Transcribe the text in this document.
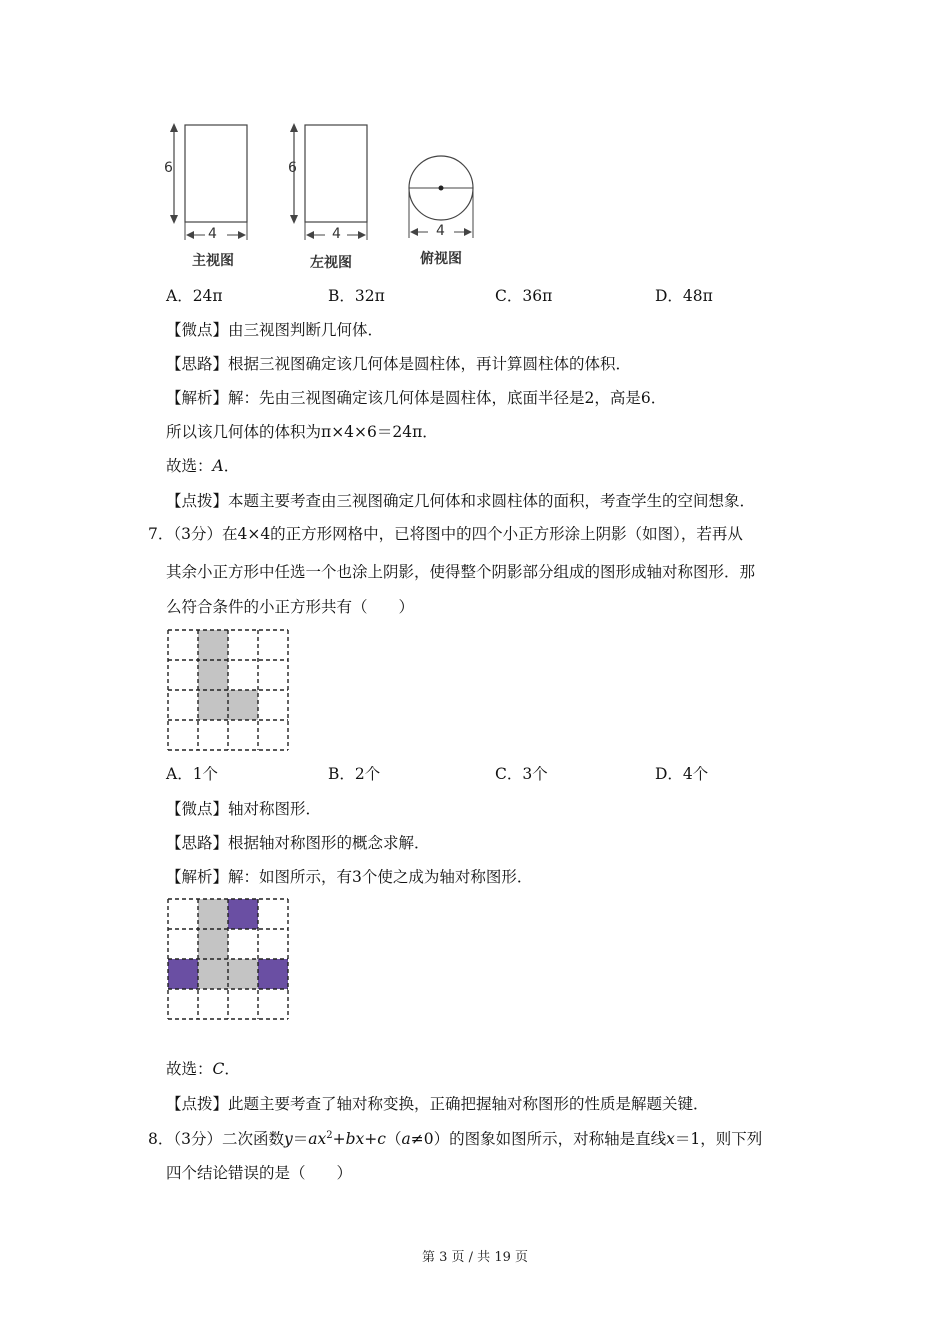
6
4
主视图
6
4
左视图
4
俯视图
A．24π	B．32π	C．36π	D．48π
【微点】由三视图判断几何体．
【思路】根据三视图确定该几何体是圆柱体，再计算圆柱体的体积．
【解析】解：先由三视图确定该几何体是圆柱体，底面半径是2，高是6．
所以该几何体的体积为π×4×6＝24π．
故选：A．
【点拨】本题主要考查由三视图确定几何体和求圆柱体的面积，考查学生的空间想象．
7．（3分）在4×4的正方形网格中，已将图中的四个小正方形涂上阴影（如图），若再从
其余小正方形中任选一个也涂上阴影，使得整个阴影部分组成的图形成轴对称图形．那
么符合条件的小正方形共有（　　）
A．1个	B．2个	C．3个	D．4个
【微点】轴对称图形．
【思路】根据轴对称图形的概念求解．
【解析】解：如图所示，有3个使之成为轴对称图形．
故选：C．
【点拨】此题主要考查了轴对称变换，正确把握轴对称图形的性质是解题关键．
8．（3分）二次函数$y=ax^2+bx+c(a\ne 0)$的图象如图所示，对称轴是直线x＝1，则下列
四个结论错误的是（　　）
第 3 页 / 共 19 页
